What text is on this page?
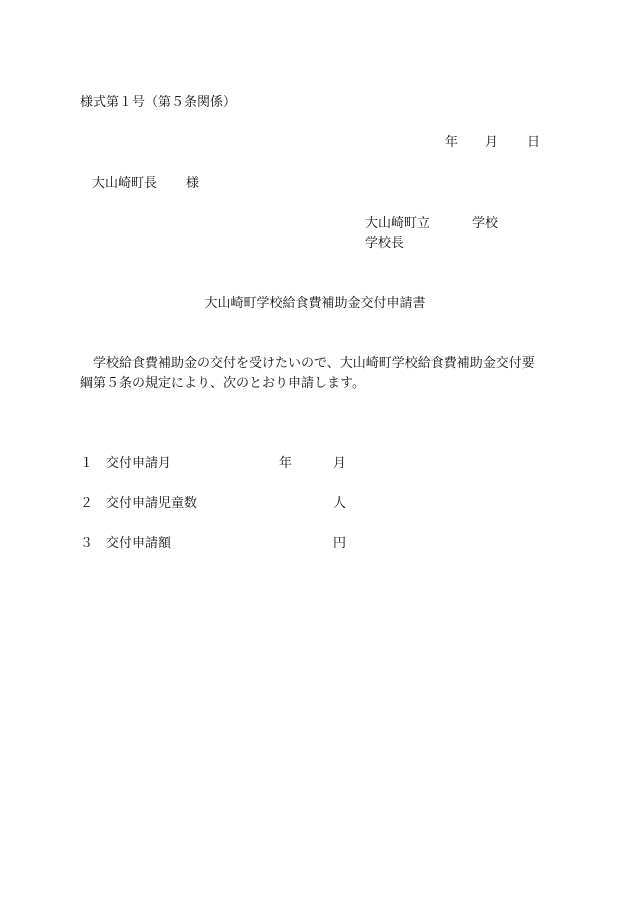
様式第１号（第５条関係）
年 月 日
大山崎町長 様
大山崎町立	学校
学校長
大山崎町学校給食費補助金交付申請書
学校給食費補助金の交付を受けたいので、大山崎町学校給食費補助金交付要
綱第５条の規定により、次のとおり申請します。
１ 交付申請月	年	月
２ 交付申請児童数	人
３ 交付申請額	円
